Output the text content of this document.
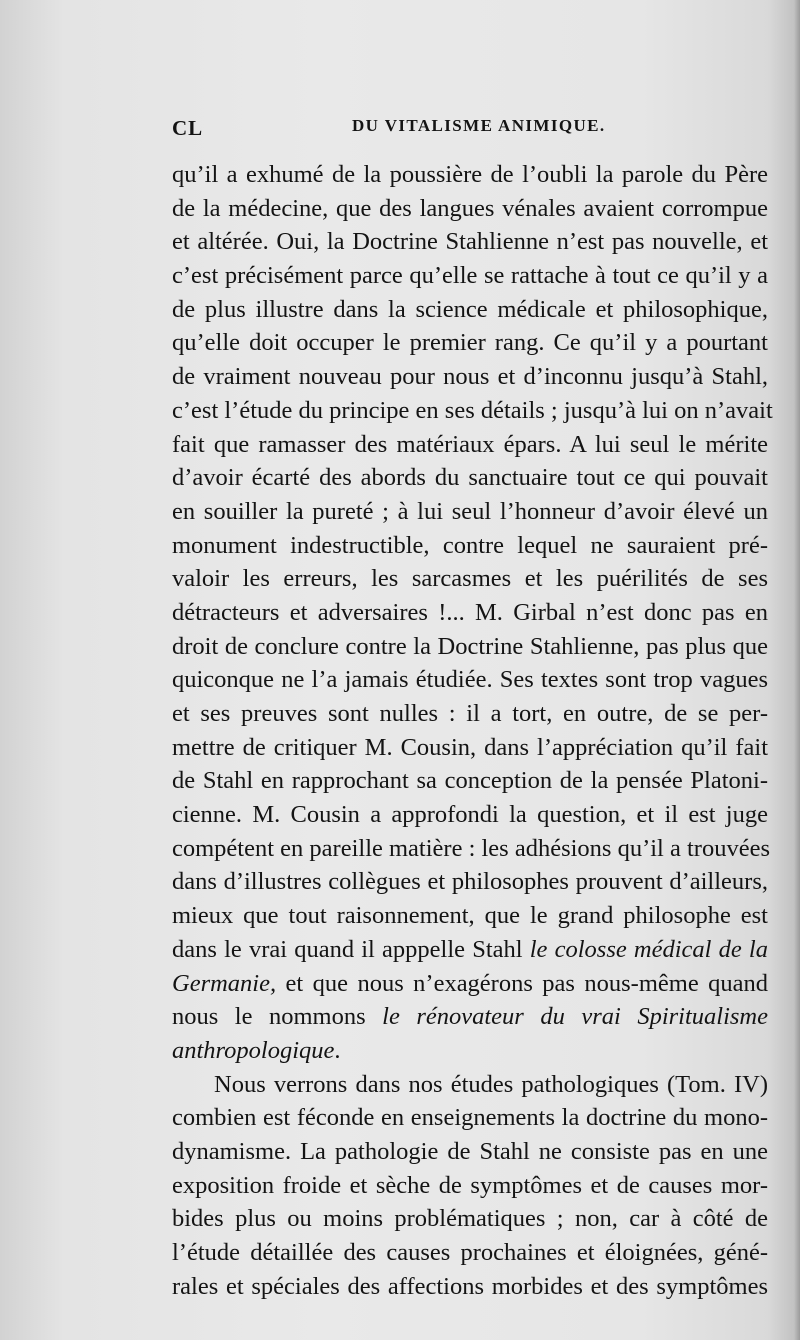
CL	DU VITALISME ANIMIQUE.
qu’il a exhumé de la poussière de l’oubli la parole du Père
de la médecine, que des langues vénales avaient corrompue
et altérée. Oui, la Doctrine Stahlienne n’est pas nouvelle, et
c’est précisément parce qu’elle se rattache à tout ce qu’il y a
de plus illustre dans la science médicale et philosophique,
qu’elle doit occuper le premier rang. Ce qu’il y a pourtant
de vraiment nouveau pour nous et d’inconnu jusqu’à Stahl,
c’est l’étude du principe en ses détails ; jusqu’à lui on n’avait
fait que ramasser des matériaux épars. A lui seul le mérite
d’avoir écarté des abords du sanctuaire tout ce qui pouvait
en souiller la pureté ; à lui seul l’honneur d’avoir élevé un
monument indestructible, contre lequel ne sauraient pré-
valoir les erreurs, les sarcasmes et les puérilités de ses
détracteurs et adversaires !... M. Girbal n’est donc pas en
droit de conclure contre la Doctrine Stahlienne, pas plus que
quiconque ne l’a jamais étudiée. Ses textes sont trop vagues
et ses preuves sont nulles : il a tort, en outre, de se per-
mettre de critiquer M. Cousin, dans l’appréciation qu’il fait
de Stahl en rapprochant sa conception de la pensée Platoni-
cienne. M. Cousin a approfondi la question, et il est juge
compétent en pareille matière : les adhésions qu’il a trouvées
dans d’illustres collègues et philosophes prouvent d’ailleurs,
mieux que tout raisonnement, que le grand philosophe est
dans le vrai quand il apppelle Stahl le colosse médical de la
Germanie, et que nous n’exagérons pas nous-même quand
nous le nommons le rénovateur du vrai Spiritualisme
anthropologique.
Nous verrons dans nos études pathologiques (Tom. IV)
combien est féconde en enseignements la doctrine du mono-
dynamisme. La pathologie de Stahl ne consiste pas en une
exposition froide et sèche de symptômes et de causes mor-
bides plus ou moins problématiques ; non, car à côté de
l’étude détaillée des causes prochaines et éloignées, géné-
rales et spéciales des affections morbides et des symptômes
